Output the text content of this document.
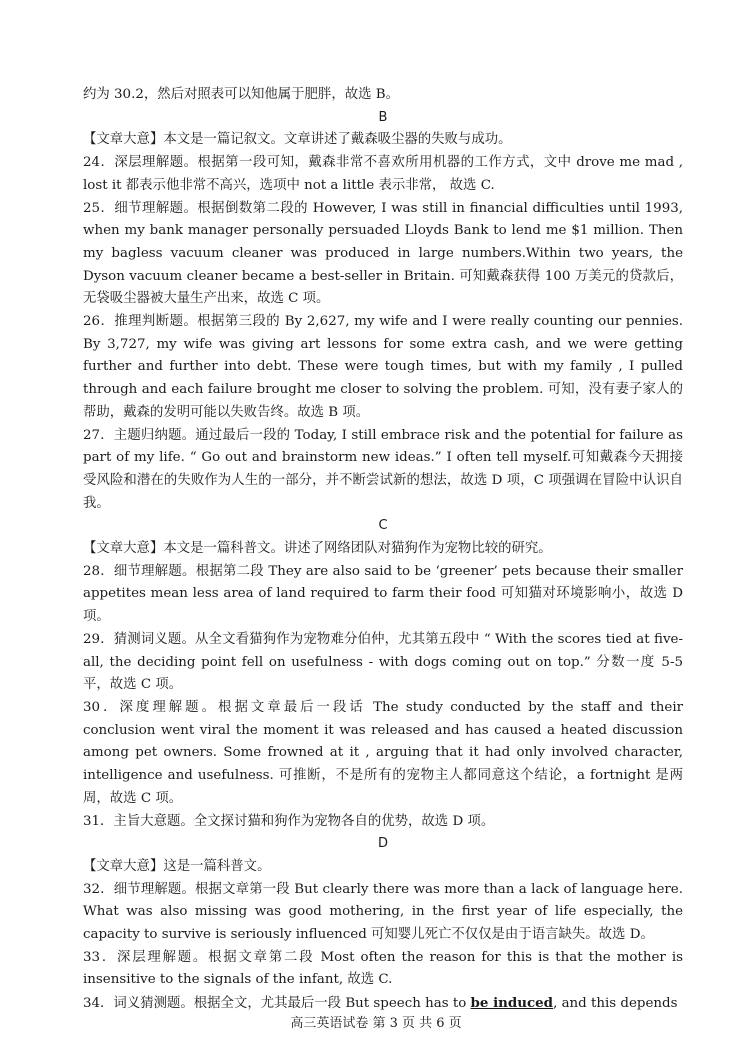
约为 30.2，然后对照表可以知他属于肥胖，故选 B。

B

【文章大意】本文是一篇记叙文。文章讲述了戴森吸尘器的失败与成功。

24．深层理解题。根据第一段可知，戴森非常不喜欢所用机器的工作方式，文中 drove me mad , lost it 都表示他非常不高兴，选项中 not a little 表示非常， 故选 C.

25．细节理解题。根据倒数第二段的 However, I was still in financial difficulties until 1993, when my bank manager personally persuaded Lloyds Bank to lend me $1 million. Then my bagless vacuum cleaner was produced in large numbers.Within two years, the Dyson vacuum cleaner became a best-seller in Britain. 可知戴森获得 100 万美元的贷款后，无袋吸尘器被大量生产出来，故选 C 项。

26．推理判断题。根据第三段的 By 2,627, my wife and I were really counting our pennies. By 3,727, my wife was giving art lessons for some extra cash, and we were getting further and further into debt. These were tough times, but with my family , I pulled through and each failure brought me closer to solving the problem. 可知，没有妻子家人的帮助，戴森的发明可能以失败告终。故选 B 项。

27．主题归纳题。通过最后一段的 Today, I still embrace risk and the potential for failure as part of my life. “ Go out and brainstorm new ideas.” I often tell myself.可知戴森今天拥接受风险和潜在的失败作为人生的一部分，并不断尝试新的想法，故选 D 项，C 项强调在冒险中认识自我。

C

【文章大意】本文是一篇科普文。讲述了网络团队对猫狗作为宠物比较的研究。

28．细节理解题。根据第二段 They are also said to be ‘greener’ pets because their smaller appetites mean less area of land required to farm their food 可知猫对环境影响小，故选 D 项。

29．猜测词义题。从全文看猫狗作为宠物难分伯仲，尤其第五段中 “ With the scores tied at five-all, the deciding point fell on usefulness - with dogs coming out on top.” 分数一度 5-5 平，故选 C 项。

30．深度理解题。根据文章最后一段话 The study conducted by the staff and their conclusion went viral the moment it was released and has caused a heated discussion among pet owners. Some frowned at it , arguing that it had only involved character, intelligence and usefulness. 可推断，不是所有的宠物主人都同意这个结论，a fortnight 是两周，故选 C 项。

31．主旨大意题。全文探讨猫和狗作为宠物各自的优势，故选 D 项。

D

【文章大意】这是一篇科普文。

32．细节理解题。根据文章第一段 But clearly there was more than a lack of language here. What was also missing was good mothering, in the first year of life especially, the capacity to survive is seriously influenced 可知婴儿死亡不仅仅是由于语言缺失。故选 D。

33．深层理解题。根据文章第二段 Most often the reason for this is that the mother is insensitive to the signals of the infant, 故选 C.

34．词义猜测题。根据全文，尤其最后一段 But speech has to be induced, and this depends

高三英语试卷 第 3 页 共 6 页
